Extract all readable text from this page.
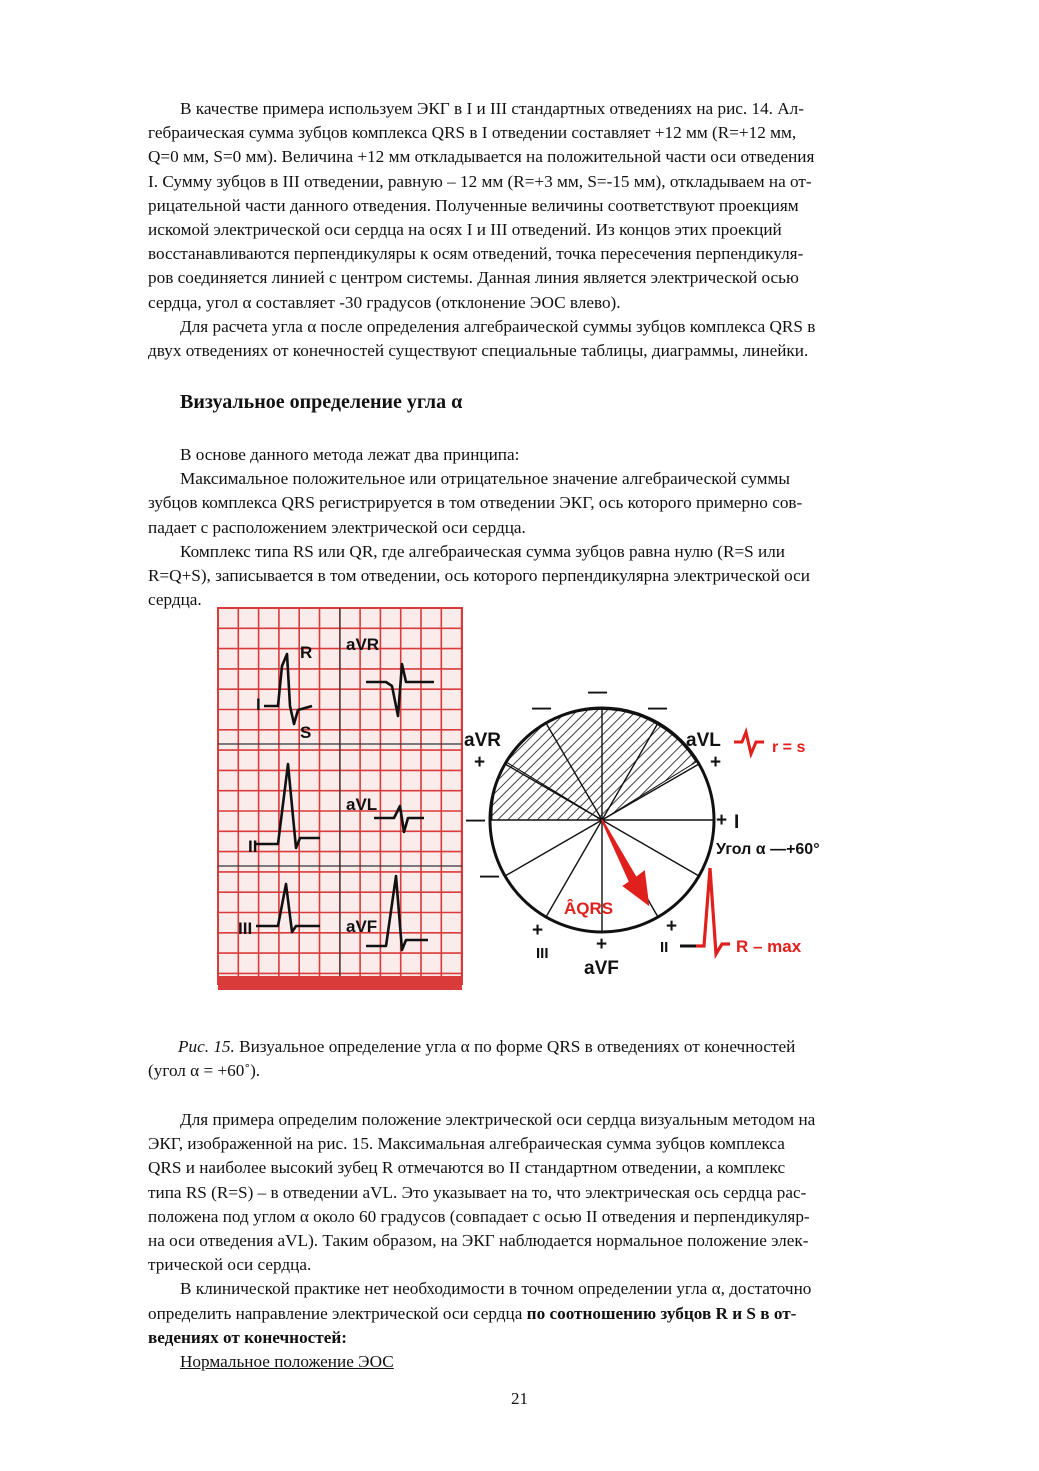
В качестве примера используем ЭКГ в I и III стандартных отведениях на рис. 14. Ал-

гебраическая сумма зубцов комплекса QRS в I отведении составляет +12 мм (R=+12 мм,

Q=0 мм, S=0 мм). Величина +12 мм откладывается на положительной части оси отведения

I. Сумму зубцов в III отведении, равную – 12 мм (R=+3 мм, S=-15 мм), откладываем на от-

рицательной части данного отведения. Полученные величины соответствуют проекциям

искомой электрической оси сердца на осях I и III отведений. Из концов этих проекций

восстанавливаются перпендикуляры к осям отведений, точка пересечения перпендикуля-

ров соединяется линией с центром системы. Данная линия является электрической осью

сердца, угол α составляет -30 градусов (отклонение ЭОС влево).

Для расчета угла α после определения алгебраической суммы зубцов комплекса QRS в

двух отведениях от конечностей существуют специальные таблицы, диаграммы, линейки.

Визуальное определение угла α

В основе данного метода лежат два принципа:

Максимальное положительное или отрицательное значение алгебраической суммы

зубцов комплекса QRS регистрируется в том отведении ЭКГ, ось которого примерно сов-

падает с расположением электрической оси сердца.

Комплекс типа RS или QR, где алгебраическая сумма зубцов равна нулю (R=S или

R=Q+S), записывается в том отведении, ось которого перпендикулярна электрической оси

сердца.

R
I
S
aVR
II
aVL
III	aVF
ÂQRS
aVR
+
aVL
+
+ I
Угол α —+60°
+
III +
aVF
+
II
—
—
—
—
—
r = s
R – max
Рис. 15. Визуальное определение угла α по форме QRS в отведениях от конечностей
(угол α = +60˚).

Для примера определим положение электрической оси сердца визуальным методом на

ЭКГ, изображенной на рис. 15. Максимальная алгебраическая сумма зубцов комплекса

QRS и наиболее высокий зубец R отмечаются во II стандартном отведении, а комплекс

типа RS (R=S) – в отведении aVL. Это указывает на то, что электрическая ось сердца рас-

положена под углом α около 60 градусов (совпадает с осью II отведения и перпендикуляр-

на оси отведения aVL). Таким образом, на ЭКГ наблюдается нормальное положение элек-

трической оси сердца.

В клинической практике нет необходимости в точном определении угла α, достаточно

определить направление электрической оси сердца по соотношению зубцов R и S в от-

ведениях от конечностей:

Нормальное положение ЭОС

21
